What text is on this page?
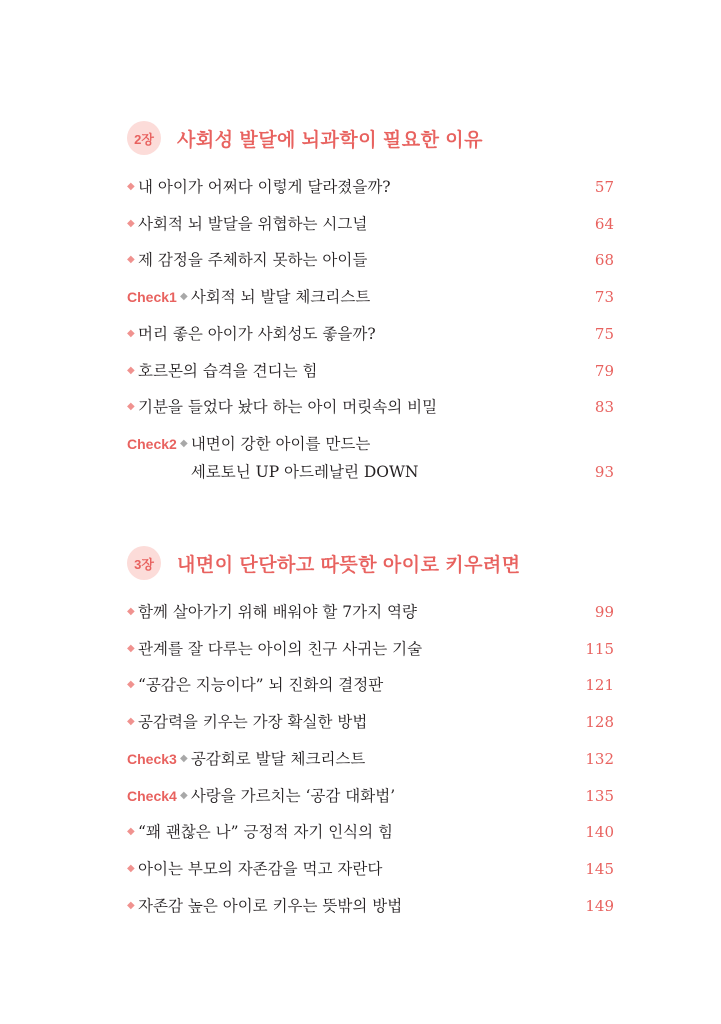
2장	사회성 발달에 뇌과학이 필요한 이유
◆ 내 아이가 어쩌다 이렇게 달라졌을까?	57
◆ 사회적 뇌 발달을 위협하는 시그널	64
◆ 제 감정을 주체하지 못하는 아이들	68
Check1 ◆ 사회적 뇌 발달 체크리스트	73
◆ 머리 좋은 아이가 사회성도 좋을까?	75
◆ 호르몬의 습격을 견디는 힘	79
◆ 기분을 들었다 놨다 하는 아이 머릿속의 비밀	83
Check2 ◆ 내면이 강한 아이를 만드는
세로토닌 UP 아드레날린 DOWN	93
3장	내면이 단단하고 따뜻한 아이로 키우려면
◆ 함께 살아가기 위해 배워야 할 7가지 역량	99
◆ 관계를 잘 다루는 아이의 친구 사귀는 기술	115
◆ “공감은 지능이다” 뇌 진화의 결정판	121
◆ 공감력을 키우는 가장 확실한 방법	128
Check3 ◆ 공감회로 발달 체크리스트	132
Check4 ◆ 사랑을 가르치는 ‘공감 대화법’	135
◆ “꽤 괜찮은 나” 긍정적 자기 인식의 힘	140
◆ 아이는 부모의 자존감을 먹고 자란다	145
◆ 자존감 높은 아이로 키우는 뜻밖의 방법	149
